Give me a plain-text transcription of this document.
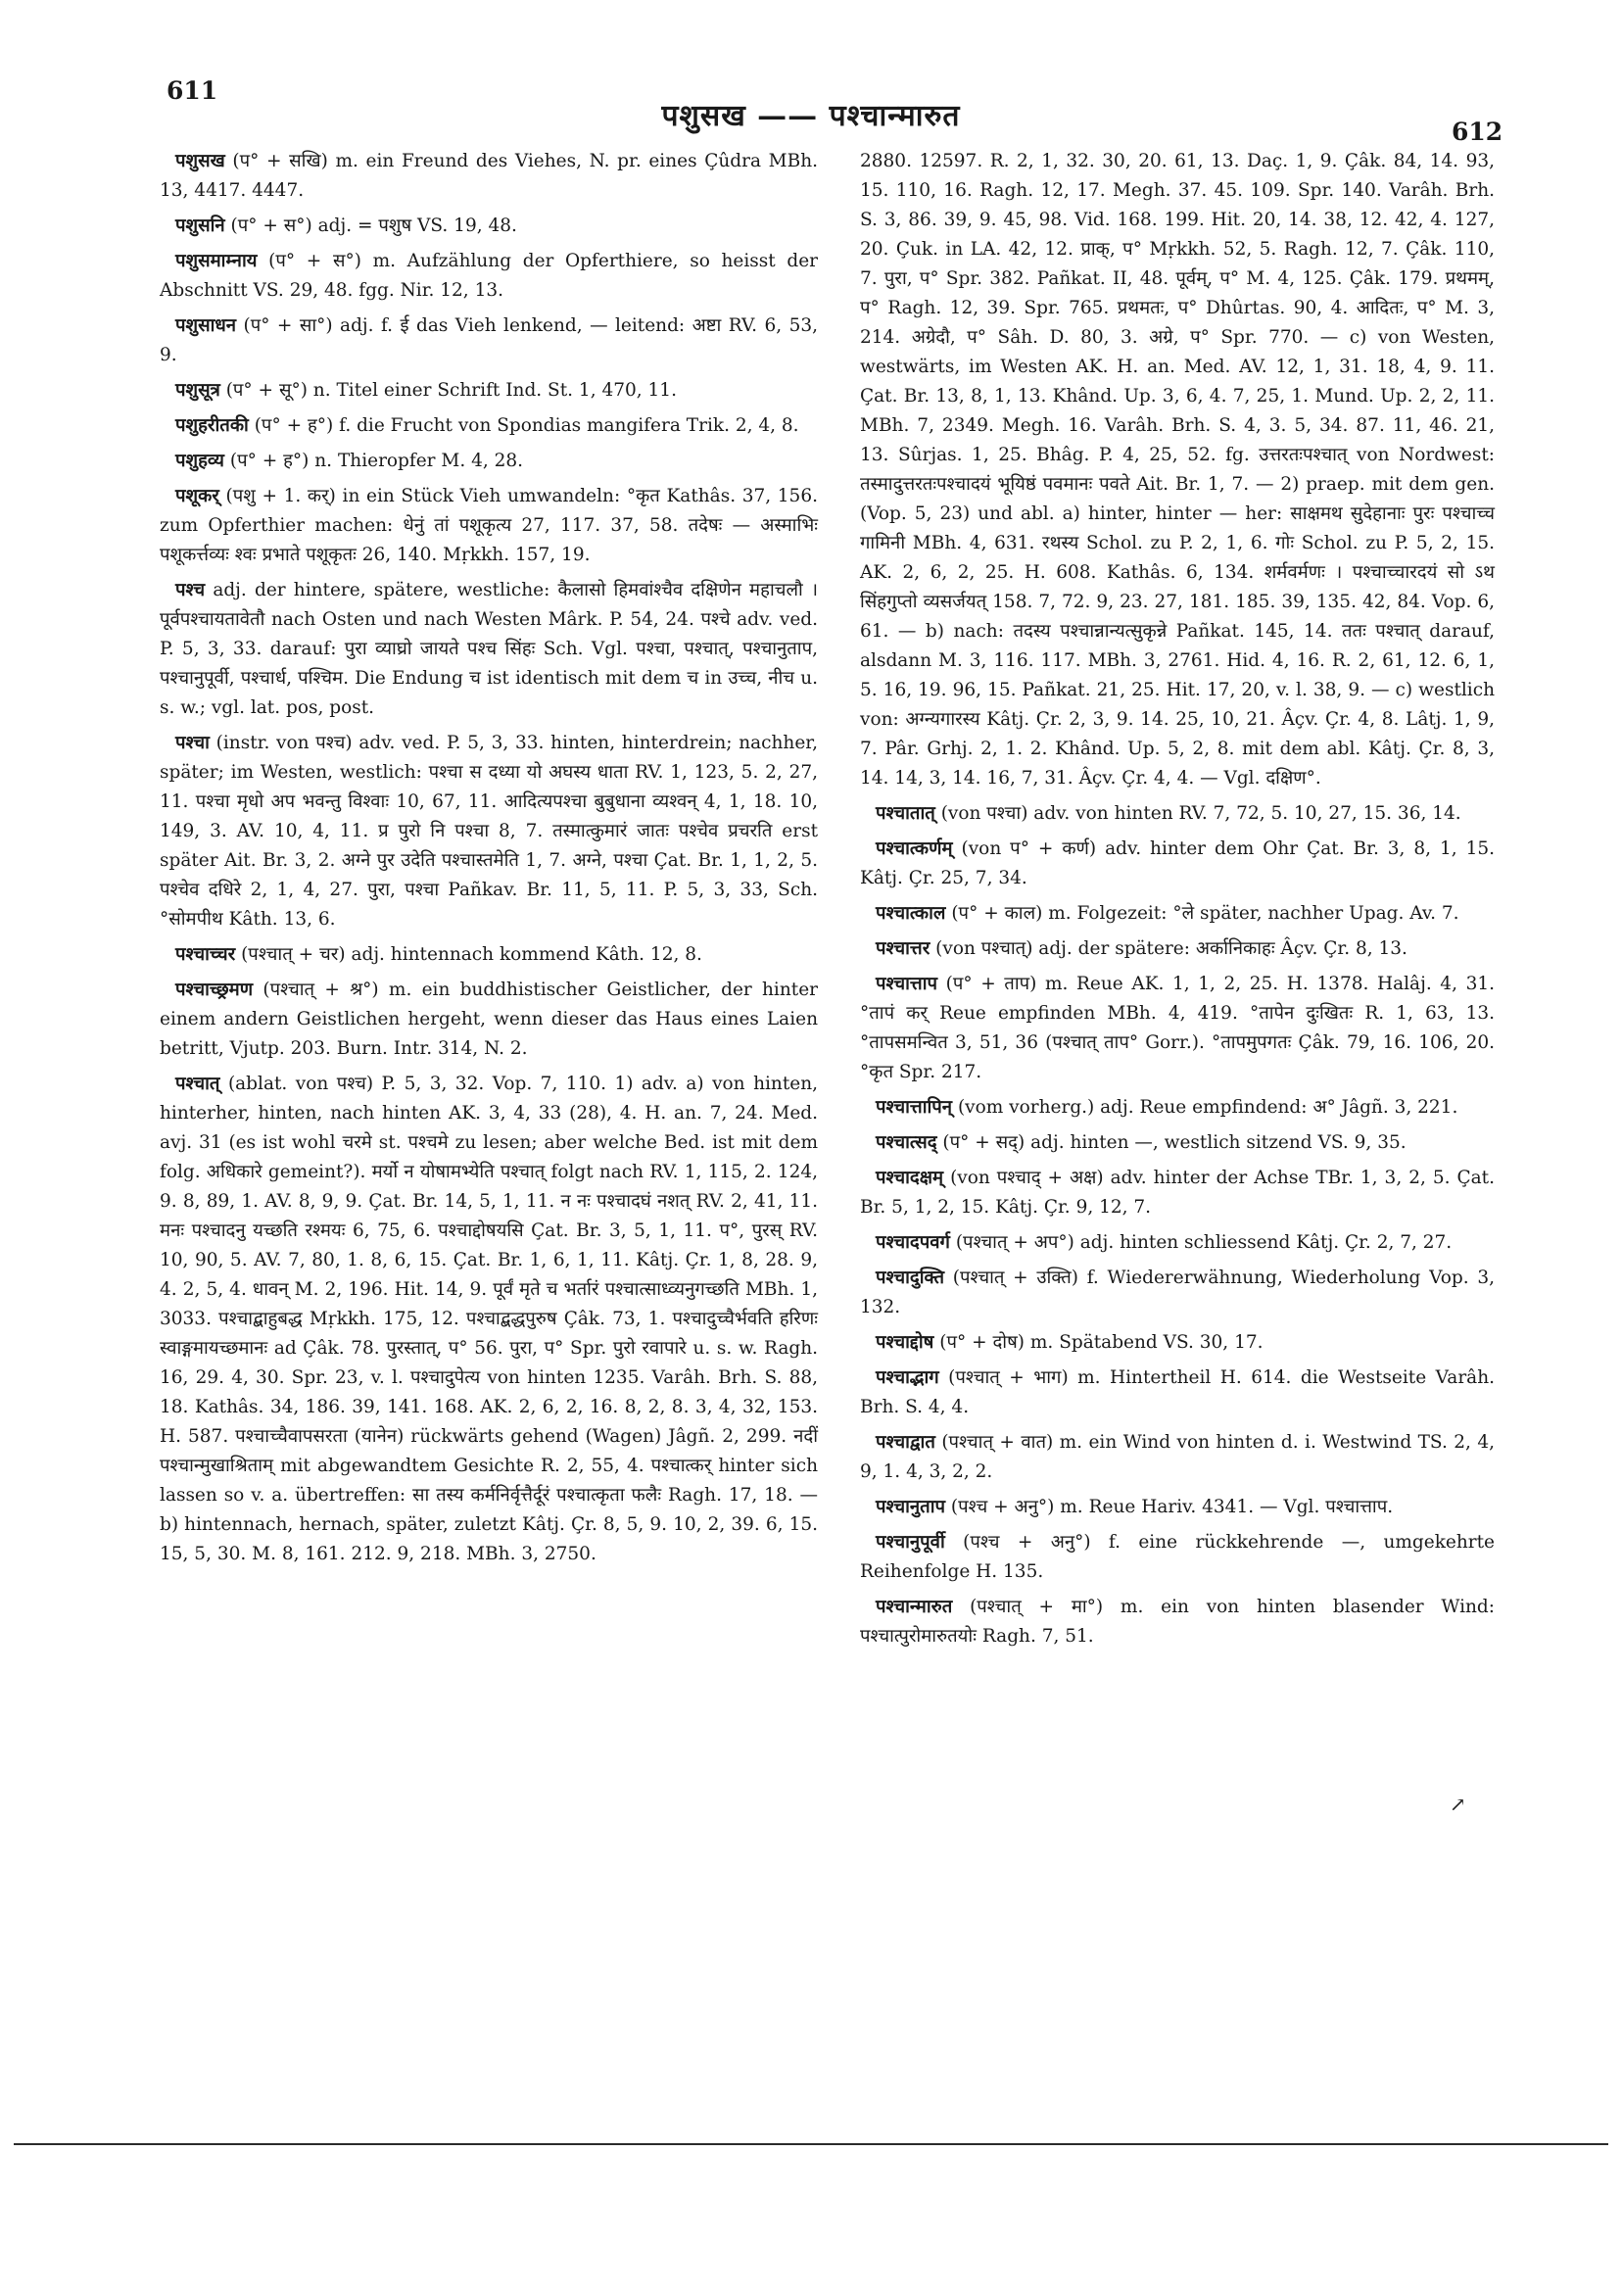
611
पशुसख —— पश्चान्मारुत	612

पशुसख (प° + सखि) m. ein Freund des Viehes, N. pr. eines Çûdra MBh. 13, 4417. 4447.

पशुसनि (प° + स°) adj. = पशुष VS. 19, 48.

पशुसमाम्नाय (प° + स°) m. Aufzählung der Opferthiere, so heisst der Abschnitt VS. 29, 48. fgg. Nir. 12, 13.

पशुसाधन (प° + सा°) adj. f. ई das Vieh lenkend, — leitend: अष्टा RV. 6, 53, 9.

पशुसूत्र (प° + सू°) n. Titel einer Schrift Ind. St. 1, 470, 11.

पशुहरीतकी (प° + ह°) f. die Frucht von Spondias mangifera Trik. 2, 4, 8.

पशुहव्य (प° + ह°) n. Thieropfer M. 4, 28.

पशूकर् (पशु + 1. कर्) in ein Stück Vieh umwandeln: °कृत Kathâs. 37, 156. zum Opferthier machen: धेनुं तां पशूकृत्य 27, 117. 37, 58. तदेषः — अस्माभिः पशूकर्त्तव्यः श्वः प्रभाते पशूकृतः 26, 140. Mṛkkh. 157, 19.

पश्च adj. der hintere, spätere, westliche: कैलासो हिमवांश्चैव दक्षिणेन महाचलौ । पूर्वपश्चायतावेतौ nach Osten und nach Westen Mârk. P. 54, 24. पश्चे adv. ved. P. 5, 3, 33. darauf: पुरा व्याघ्रो जायते पश्च सिंहः Sch. Vgl. पश्चा, पश्चात्, पश्चानुताप, पश्चानुपूर्वी, पश्चार्ध, पश्चिम. Die Endung च ist identisch mit dem च in उच्च, नीच u. s. w.; vgl. lat. pos, post.

पश्चा (instr. von पश्च) adv. ved. P. 5, 3, 33. hinten, hinterdrein; nachher, später; im Westen, westlich: पश्चा स दध्या यो अघस्य धाता RV. 1, 123, 5. 2, 27, 11. पश्चा मृधो अप भवन्तु विश्वाः 10, 67, 11. आदित्यपश्चा बुबुधाना व्यश्वन् 4, 1, 18. 10, 149, 3. AV. 10, 4, 11. प्र पुरो नि पश्चा 8, 7. तस्मात्कुमारं जातः पश्चेव प्रचरति erst später Ait. Br. 3, 2. अग्ने पुर उदेति पश्चास्तमेति 1, 7. अग्ने, पश्चा Çat. Br. 1, 1, 2, 5. पश्चेव दधिरे 2, 1, 4, 27. पुरा, पश्चा Pañkav. Br. 11, 5, 11. P. 5, 3, 33, Sch. °सोमपीथ Kâth. 13, 6.

पश्चाच्चर (पश्चात् + चर) adj. hintennach kommend Kâth. 12, 8.

पश्चाच्छ्रमण (पश्चात् + श्र°) m. ein buddhistischer Geistlicher, der hinter einem andern Geistlichen hergeht, wenn dieser das Haus eines Laien betritt, Vjutp. 203. Burn. Intr. 314, N. 2.

पश्चात् (ablat. von पश्च) P. 5, 3, 32. Vop. 7, 110. 1) adv. a) von hinten, hinterher, hinten, nach hinten AK. 3, 4, 33 (28), 4. H. an. 7, 24. Med. avj. 31 (es ist wohl चरमे st. पश्चमे zu lesen; aber welche Bed. ist mit dem folg. अधिकारे gemeint?). मर्यो न योषामभ्येति पश्चात् folgt nach RV. 1, 115, 2. 124, 9. 8, 89, 1. AV. 8, 9, 9. Çat. Br. 14, 5, 1, 11. न नः पश्चादघं नशत् RV. 2, 41, 11. मनः पश्चादनु यच्छति रश्मयः 6, 75, 6. पश्चाद्दोषयसि Çat. Br. 3, 5, 1, 11. प°, पुरस् RV. 10, 90, 5. AV. 7, 80, 1. 8, 6, 15. Çat. Br. 1, 6, 1, 11. Kâtj. Çr. 1, 8, 28. 9, 4. 2, 5, 4. धावन् M. 2, 196. Hit. 14, 9. पूर्वं मृते च भर्तारं पश्चात्साध्व्यनुगच्छति MBh. 1, 3033. पश्चाद्बाहुबद्ध Mṛkkh. 175, 12. पश्चाद्बद्धपुरुष Çâk. 73, 1. पश्चादुच्चैर्भवति हरिणः स्वाङ्गमायच्छमानः ad Çâk. 78. पुरस्तात्, प° 56. पुरा, प° Spr. पुरो रवापारे u. s. w. Ragh. 16, 29. 4, 30. Spr. 23, v. l. पश्चादुपेत्य von hinten 1235. Varâh. Brh. S. 88, 18. Kathâs. 34, 186. 39, 141. 168. AK. 2, 6, 2, 16. 8, 2, 8. 3, 4, 32, 153. H. 587. पश्चाच्चैवापसरता (यानेन) rückwärts gehend (Wagen) Jâgñ. 2, 299. नदीं पश्चान्मुखाश्रिताम् mit abgewandtem Gesichte R. 2, 55, 4. पश्चात्कर् hinter sich lassen so v. a. übertreffen: सा तस्य कर्मनिर्वृत्तैर्दूरं पश्चात्कृता फलैः Ragh. 17, 18. — b) hintennach, hernach, später, zuletzt Kâtj. Çr. 8, 5, 9. 10, 2, 39. 6, 15. 15, 5, 30. M. 8, 161. 212. 9, 218. MBh. 3, 2750.

2880. 12597. R. 2, 1, 32. 30, 20. 61, 13. Daç. 1, 9. Çâk. 84, 14. 93, 15. 110, 16. Ragh. 12, 17. Megh. 37. 45. 109. Spr. 140. Varâh. Brh. S. 3, 86. 39, 9. 45, 98. Vid. 168. 199. Hit. 20, 14. 38, 12. 42, 4. 127, 20. Çuk. in LA. 42, 12. प्राक्, प° Mṛkkh. 52, 5. Ragh. 12, 7. Çâk. 110, 7. पुरा, प° Spr. 382. Pañkat. II, 48. पूर्वम्, प° M. 4, 125. Çâk. 179. प्रथमम्, प° Ragh. 12, 39. Spr. 765. प्रथमतः, प° Dhûrtas. 90, 4. आदितः, प° M. 3, 214. अग्रेदौ, प° Sâh. D. 80, 3. अग्रे, प° Spr. 770. — c) von Westen, westwärts, im Westen AK. H. an. Med. AV. 12, 1, 31. 18, 4, 9. 11. Çat. Br. 13, 8, 1, 13. Khând. Up. 3, 6, 4. 7, 25, 1. Mund. Up. 2, 2, 11. MBh. 7, 2349. Megh. 16. Varâh. Brh. S. 4, 3. 5, 34. 87. 11, 46. 21, 13. Sûrjas. 1, 25. Bhâg. P. 4, 25, 52. fg. उत्तरतःपश्चात् von Nordwest: तस्मादुत्तरतःपश्चादयं भूयिष्ठं पवमानः पवते Ait. Br. 1, 7. — 2) praep. mit dem gen. (Vop. 5, 23) und abl. a) hinter, hinter — her: साक्षमथ सुदेहानाः पुरः पश्चाच्च गामिनी MBh. 4, 631. रथस्य Schol. zu P. 2, 1, 6. गोः Schol. zu P. 5, 2, 15. AK. 2, 6, 2, 25. H. 608. Kathâs. 6, 134. शर्मवर्मणः । पश्चाच्चारदयं सो ऽथ सिंहगुप्तो व्यसर्जयत् 158. 7, 72. 9, 23. 27, 181. 185. 39, 135. 42, 84. Vop. 6, 61. — b) nach: तदस्य पश्चान्नान्यत्सुकृन्ने Pañkat. 145, 14. ततः पश्चात् darauf, alsdann M. 3, 116. 117. MBh. 3, 2761. Hid. 4, 16. R. 2, 61, 12. 6, 1, 5. 16, 19. 96, 15. Pañkat. 21, 25. Hit. 17, 20, v. l. 38, 9. — c) westlich von: अग्न्यगारस्य Kâtj. Çr. 2, 3, 9. 14. 25, 10, 21. Âçv. Çr. 4, 8. Lâtj. 1, 9, 7. Pâr. Grhj. 2, 1. 2. Khând. Up. 5, 2, 8. mit dem abl. Kâtj. Çr. 8, 3, 14. 14, 3, 14. 16, 7, 31. Âçv. Çr. 4, 4. — Vgl. दक्षिण°.

पश्चातात् (von पश्चा) adv. von hinten RV. 7, 72, 5. 10, 27, 15. 36, 14.

पश्चात्कर्णम् (von प° + कर्ण) adv. hinter dem Ohr Çat. Br. 3, 8, 1, 15. Kâtj. Çr. 25, 7, 34.

पश्चात्काल (प° + काल) m. Folgezeit: °ले später, nachher Upag. Av. 7.

पश्चात्तर (von पश्चात्) adj. der spätere: अर्कानिकाहः Âçv. Çr. 8, 13.

पश्चात्ताप (प° + ताप) m. Reue AK. 1, 1, 2, 25. H. 1378. Halâj. 4, 31. °तापं कर् Reue empfinden MBh. 4, 419. °तापेन दुःखितः R. 1, 63, 13. °तापसमन्वित 3, 51, 36 (पश्चात् ताप° Gorr.). °तापमुपगतः Çâk. 79, 16. 106, 20. °कृत Spr. 217.

पश्चात्तापिन् (vom vorherg.) adj. Reue empfindend: अ° Jâgñ. 3, 221.

पश्चात्सद् (प° + सद्) adj. hinten —, westlich sitzend VS. 9, 35.

पश्चादक्षम् (von पश्चाद् + अक्ष) adv. hinter der Achse TBr. 1, 3, 2, 5. Çat. Br. 5, 1, 2, 15. Kâtj. Çr. 9, 12, 7.

पश्चादपवर्ग (पश्चात् + अप°) adj. hinten schliessend Kâtj. Çr. 2, 7, 27.

पश्चादुक्ति (पश्चात् + उक्ति) f. Wiedererwähnung, Wiederholung Vop. 3, 132.

पश्चाद्दोष (प° + दोष) m. Spätabend VS. 30, 17.

पश्चाद्भाग (पश्चात् + भाग) m. Hintertheil H. 614. die Westseite Varâh. Brh. S. 4, 4.

पश्चाद्वात (पश्चात् + वात) m. ein Wind von hinten d. i. Westwind TS. 2, 4, 9, 1. 4, 3, 2, 2.

पश्चानुताप (पश्च + अनु°) m. Reue Hariv. 4341. — Vgl. पश्चात्ताप.

पश्चानुपूर्वी (पश्च + अनु°) f. eine rückkehrende —, umgekehrte Reihenfolge H. 135.

पश्चान्मारुत (पश्चात् + मा°) m. ein von hinten blasender Wind: पश्चात्पुरोमारुतयोः Ragh. 7, 51.

↗
